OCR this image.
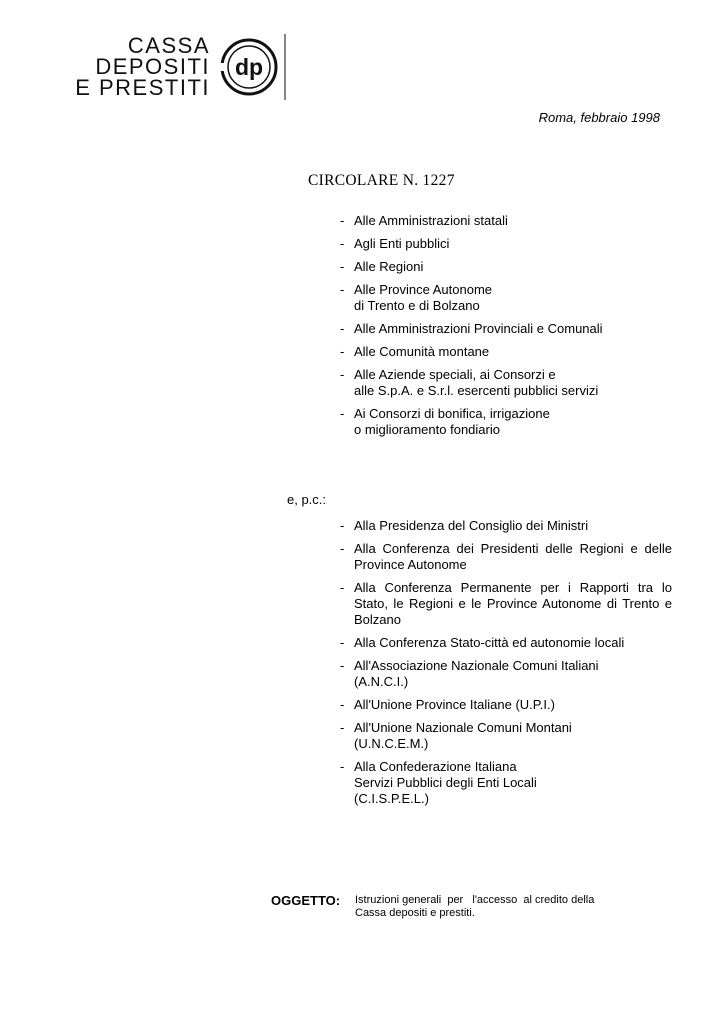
CASSA
DEPOSITI
E PRESTITI
dp
Roma, febbraio 1998
CIRCOLARE N. 1227
- Alle Amministrazioni statali
- Agli Enti pubblici
- Alle Regioni
- Alle Province Autonome
di Trento e di Bolzano
- Alle Amministrazioni Provinciali e Comunali
- Alle Comunità montane
- Alle Aziende speciali, ai Consorzi e
alle S.p.A. e S.r.l. esercenti pubblici servizi
- Ai Consorzi di bonifica, irrigazione
o miglioramento fondiario
e, p.c.:
- Alla Presidenza del Consiglio dei Ministri
- Alla Conferenza dei Presidenti delle Regioni e delle Province Autonome
- Alla Conferenza Permanente per i Rapporti tra lo Stato, le Regioni e le Province Autonome di Trento e Bolzano
- Alla Conferenza Stato-città ed autonomie locali
- All'Associazione Nazionale Comuni Italiani
(A.N.C.I.)
- All'Unione Province Italiane (U.P.I.)
- All'Unione Nazionale Comuni Montani
(U.N.C.E.M.)
- Alla Confederazione Italiana
Servizi Pubblici degli Enti Locali
(C.I.S.P.E.L.)
OGGETTO: Istruzioni generali  per   l'accesso  al credito della
Cassa depositi e prestiti.
